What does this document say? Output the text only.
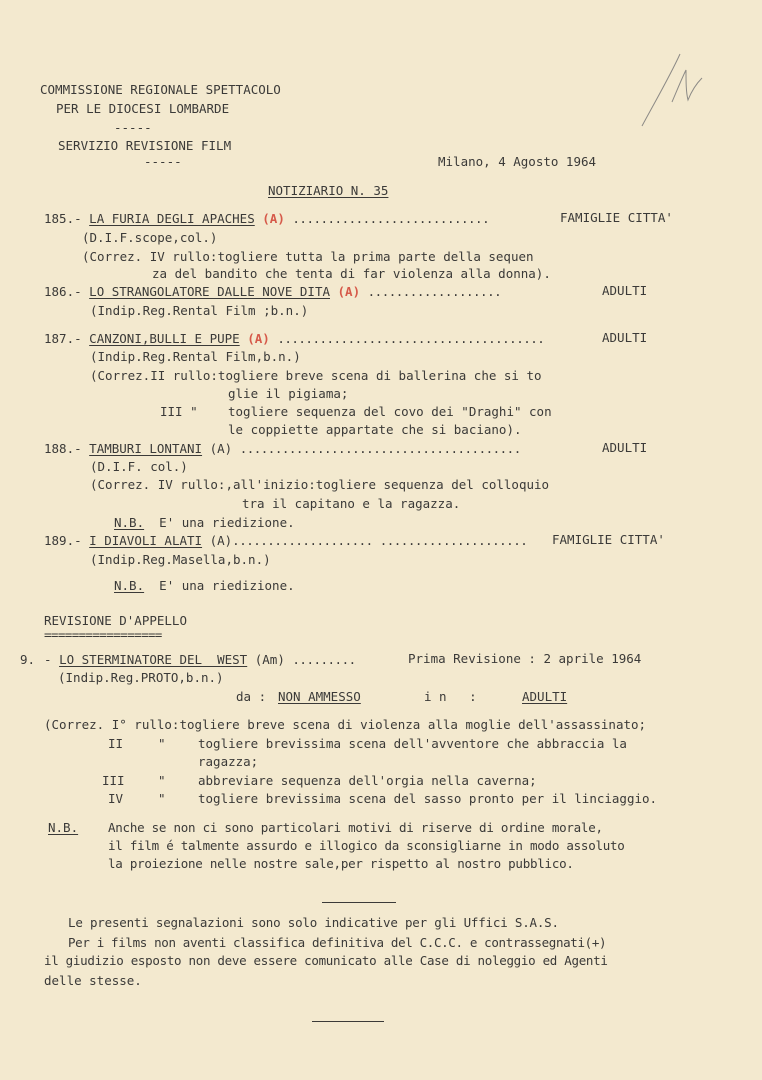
COMMISSIONE REGIONALE SPETTACOLO
PER LE DIOCESI LOMBARDE
-----
SERVIZIO REVISIONE FILM
-----	Milano, 4 Agosto 1964
NOTIZIARIO N. 35
185.- LA FURIA DEGLI APACHES (A) ............................	FAMIGLIE CITTA'
(D.I.F.scope,col.)
(Correz. IV rullo:togliere tutta la prima parte della sequen
za del bandito che tenta di far violenza alla donna).
186.- LO STRANGOLATORE DALLE NOVE DITA (A) ...................	ADULTI
(Indip.Reg.Rental Film ;b.n.)
187.- CANZONI,BULLI E PUPE (A) ......................................	ADULTI
(Indip.Reg.Rental Film,b.n.)
(Correz.II rullo:togliere breve scena di ballerina che si to
glie il pigiama;
III " togliere sequenza del covo dei "Draghi" con
le coppiette appartate che si baciano).
188.- TAMBURI LONTANI (A) ........................................	ADULTI
(D.I.F. col.)
(Correz. IV rullo:,all'inizio:togliere sequenza del colloquio
tra il capitano e la ragazza.
N.B. E' una riedizione.
189.- I DIAVOLI ALATI (A).................... ..................... FAMIGLIE CITTA'
(Indip.Reg.Masella,b.n.)
N.B. E' una riedizione.
REVISIONE D'APPELLO
=================
9. - LO STERMINATORE DEL  WEST (Am) .........	Prima Revisione : 2 aprile 1964
(Indip.Reg.PROTO,b.n.)
da : NON AMMESSO	i n   :	ADULTI
(Correz. I° rullo:togliere breve scena di violenza alla moglie dell'assassinato;
II	"	togliere brevissima scena dell'avventore che abbraccia la
ragazza;
III	"	abbreviare sequenza dell'orgia nella caverna;
IV	"	togliere brevissima scena del sasso pronto per il linciaggio.
N.B. Anche se non ci sono particolari motivi di riserve di ordine morale,
il film é talmente assurdo e illogico da sconsigliarne in modo assoluto
la proiezione nelle nostre sale,per rispetto al nostro pubblico.
Le presenti segnalazioni sono solo indicative per gli Uffici S.A.S.
Per i films non aventi classifica definitiva del C.C.C. e contrassegnati(+)
il giudizio esposto non deve essere comunicato alle Case di noleggio ed Agenti
delle stesse.
